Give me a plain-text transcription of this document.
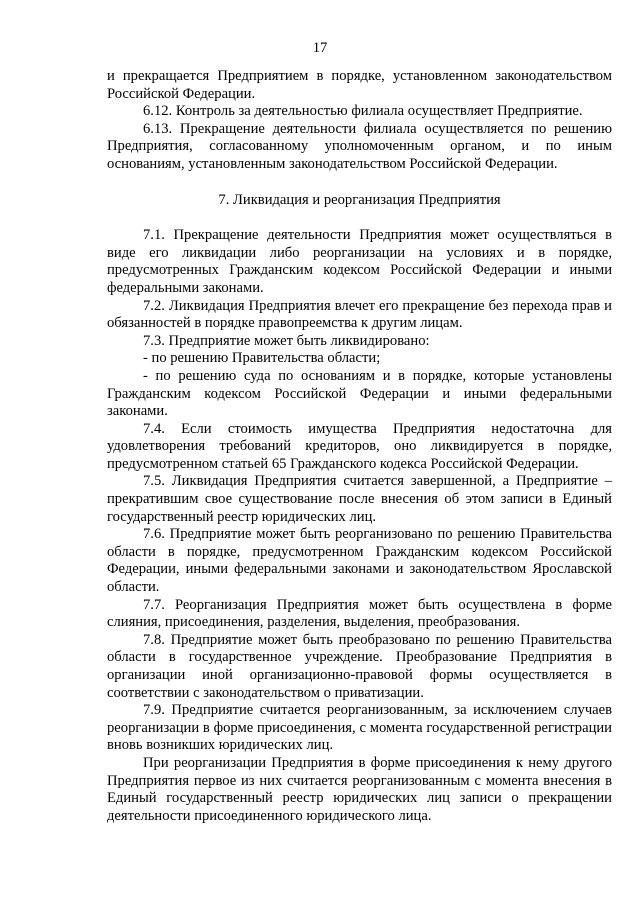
17

и прекращается Предприятием в порядке, установленном законодательством Российской Федерации.

6.12. Контроль за деятельностью филиала осуществляет Предприятие.

6.13. Прекращение деятельности филиала осуществляется по решению Предприятия, согласованному уполномоченным органом, и по иным основаниям, установленным законодательством Российской Федерации.

7. Ликвидация и реорганизация Предприятия

7.1. Прекращение деятельности Предприятия может осуществляться в виде его ликвидации либо реорганизации на условиях и в порядке, предусмотренных Гражданским кодексом Российской Федерации и иными федеральными законами.

7.2. Ликвидация Предприятия влечет его прекращение без перехода прав и обязанностей в порядке правопреемства к другим лицам.

7.3. Предприятие может быть ликвидировано:

- по решению Правительства области;

- по решению суда по основаниям и в порядке, которые установлены Гражданским кодексом Российской Федерации и иными федеральными законами.

7.4. Если стоимость имущества Предприятия недостаточна для удовлетворения требований кредиторов, оно ликвидируется в порядке, предусмотренном статьей 65 Гражданского кодекса Российской Федерации.

7.5. Ликвидация Предприятия считается завершенной, а Предприятие – прекратившим свое существование после внесения об этом записи в Единый государственный реестр юридических лиц.

7.6. Предприятие может быть реорганизовано по решению Правительства области в порядке, предусмотренном Гражданским кодексом Российской Федерации, иными федеральными законами и законодательством Ярославской области.

7.7. Реорганизация Предприятия может быть осуществлена в форме слияния, присоединения, разделения, выделения, преобразования.

7.8. Предприятие может быть преобразовано по решению Правительства области в государственное учреждение. Преобразование Предприятия в организации иной организационно-правовой формы осуществляется в соответствии с законодательством о приватизации.

7.9. Предприятие считается реорганизованным, за исключением случаев реорганизации в форме присоединения, с момента государственной регистрации вновь возникших юридических лиц.

При реорганизации Предприятия в форме присоединения к нему другого Предприятия первое из них считается реорганизованным с момента внесения в Единый государственный реестр юридических лиц записи о прекращении деятельности присоединенного юридического лица.
